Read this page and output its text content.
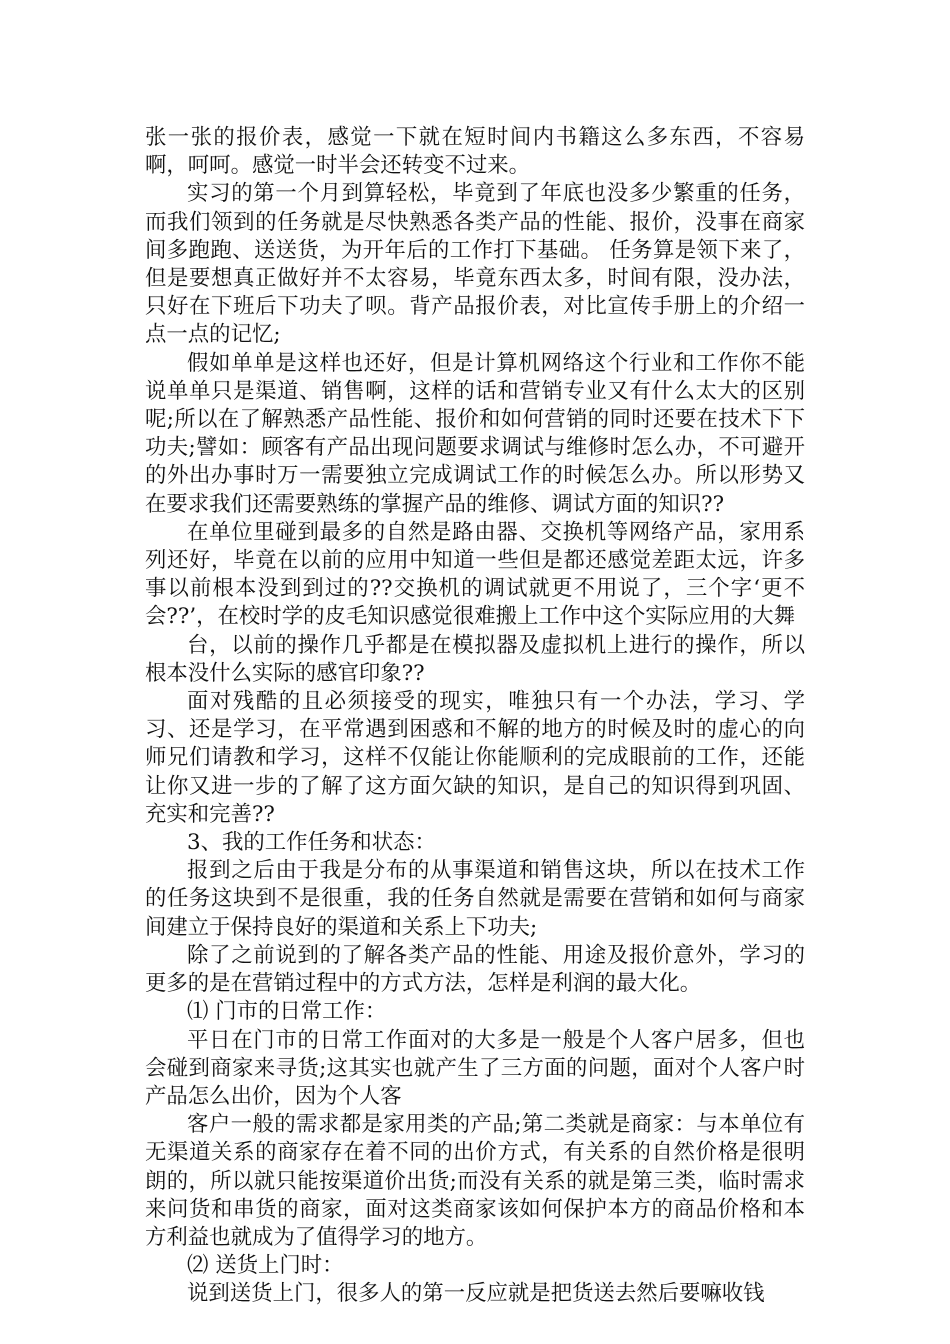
张一张的报价表，感觉一下就在短时间内书籍这么多东西，不容易啊，呵呵。感觉一时半会还转变不过来。

实习的第一个月到算轻松，毕竟到了年底也没多少繁重的任务，而我们领到的任务就是尽快熟悉各类产品的性能、报价，没事在商家间多跑跑、送送货，为开年后的工作打下基础。 任务算是领下来了，但是要想真正做好并不太容易，毕竟东西太多，时间有限，没办法，只好在下班后下功夫了呗。背产品报价表，对比宣传手册上的介绍一点一点的记忆;

假如单单是这样也还好，但是计算机网络这个行业和工作你不能说单单只是渠道、销售啊，这样的话和营销专业又有什么太大的区别呢;所以在了解熟悉产品性能、报价和如何营销的同时还要在技术下下功夫;譬如：顾客有产品出现问题要求调试与维修时怎么办，不可避开的外出办事时万一需要独立完成调试工作的时候怎么办。所以形势又在要求我们还需要熟练的掌握产品的维修、调试方面的知识??

在单位里碰到最多的自然是路由器、交换机等网络产品，家用系列还好，毕竟在以前的应用中知道一些但是都还感觉差距太远，许多事以前根本没到到过的??交换机的调试就更不用说了，三个字‘更不会??’，在校时学的皮毛知识感觉很难搬上工作中这个实际应用的大舞

台，以前的操作几乎都是在模拟器及虚拟机上进行的操作，所以根本没什么实际的感官印象??

面对残酷的且必须接受的现实，唯独只有一个办法，学习、学习、还是学习，在平常遇到困惑和不解的地方的时候及时的虚心的向师兄们请教和学习，这样不仅能让你能顺利的完成眼前的工作，还能让你又进一步的了解了这方面欠缺的知识，是自己的知识得到巩固、充实和完善??

3、我的工作任务和状态：

报到之后由于我是分布的从事渠道和销售这块，所以在技术工作的任务这块到不是很重，我的任务自然就是需要在营销和如何与商家间建立于保持良好的渠道和关系上下功夫;

除了之前说到的了解各类产品的性能、用途及报价意外，学习的更多的是在营销过程中的方式方法，怎样是利润的最大化。

⑴ 门市的日常工作：

平日在门市的日常工作面对的大多是一般是个人客户居多，但也会碰到商家来寻货;这其实也就产生了三方面的问题，面对个人客户时产品怎么出价，因为个人客

客户一般的需求都是家用类的产品;第二类就是商家：与本单位有无渠道关系的商家存在着不同的出价方式，有关系的自然价格是很明朗的，所以就只能按渠道价出货;而没有关系的就是第三类，临时需求来问货和串货的商家，面对这类商家该如何保护本方的商品价格和本方利益也就成为了值得学习的地方。

⑵ 送货上门时：

说到送货上门，很多人的第一反应就是把货送去然后要嘛收钱
